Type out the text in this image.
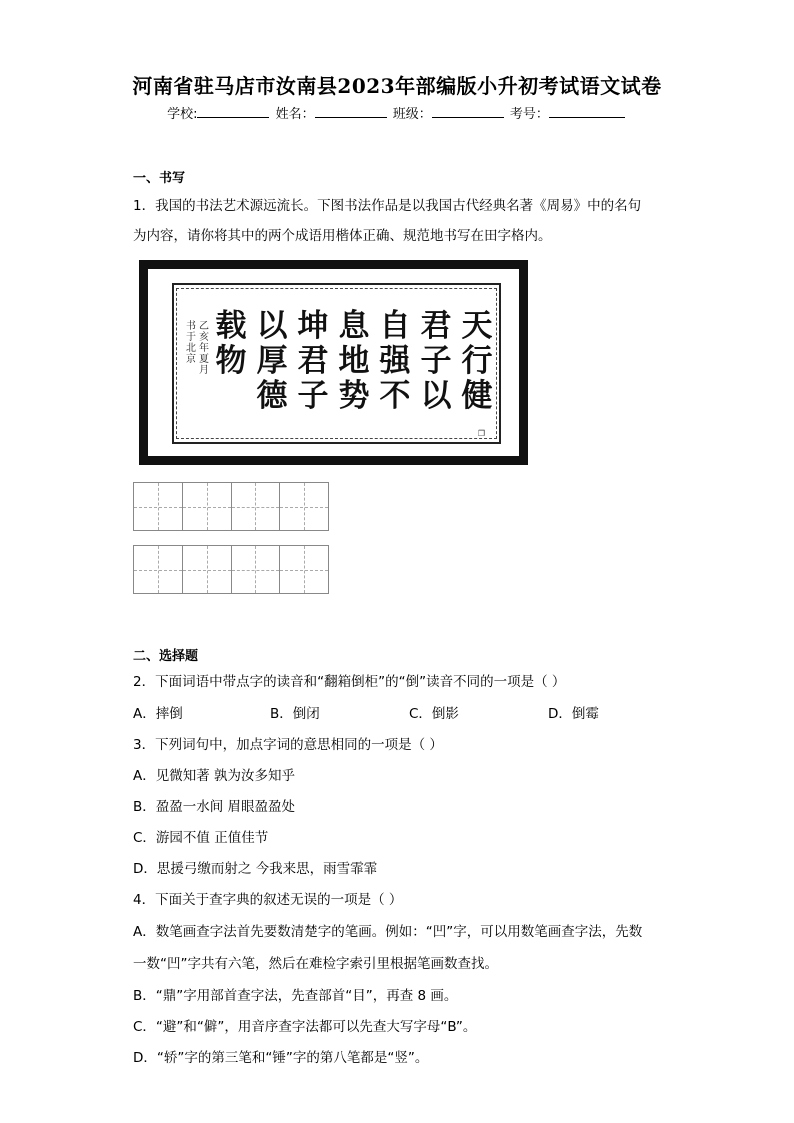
河南省驻马店市汝南县2023年部编版小升初考试语文试卷
学校:	姓名：	班级：	考号：
一、书写
1．我国的书法艺术源远流长。下图书法作品是以我国古代经典名著《周易》中的名句
为内容，请你将其中的两个成语用楷体正确、规范地书写在田字格内。
天行健
君子以
自强不
息地势
坤君子
以厚德
载物
乙亥年夏月
书于北京
❐
二、选择题
2．下面词语中带点字的读音和“翻箱倒柜”的“倒”读音不同的一项是（ ）
A．摔倒	B．倒闭	C．倒影	D．倒霉
3．下列词句中，加点字词的意思相同的一项是（ ）
A．见微知著 孰为汝多知乎
B．盈盈一水间 眉眼盈盈处
C．游园不值 正值佳节
D．思援弓缴而射之 今我来思，雨雪霏霏
4．下面关于查字典的叙述无误的一项是（ ）
A．数笔画查字法首先要数清楚字的笔画。例如：“凹”字，可以用数笔画查字法，先数
一数“凹”字共有六笔，然后在难检字索引里根据笔画数查找。
B．“鼎”字用部首查字法，先查部首“目”，再查 8 画。
C．“避”和“僻”，用音序查字法都可以先查大写字母“B”。
D．“轿”字的第三笔和“锤”字的第八笔都是“竖”。
